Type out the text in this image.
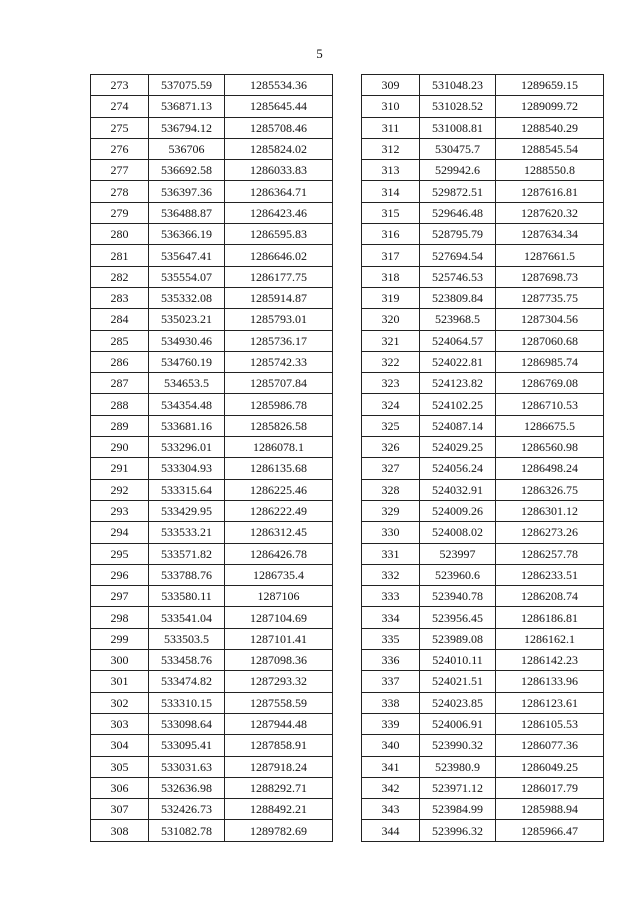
5
273	537075.59	1285534.36
274	536871.13	1285645.44
275	536794.12	1285708.46
276	536706	1285824.02
277	536692.58	1286033.83
278	536397.36	1286364.71
279	536488.87	1286423.46
280	536366.19	1286595.83
281	535647.41	1286646.02
282	535554.07	1286177.75
283	535332.08	1285914.87
284	535023.21	1285793.01
285	534930.46	1285736.17
286	534760.19	1285742.33
287	534653.5	1285707.84
288	534354.48	1285986.78
289	533681.16	1285826.58
290	533296.01	1286078.1
291	533304.93	1286135.68
292	533315.64	1286225.46
293	533429.95	1286222.49
294	533533.21	1286312.45
295	533571.82	1286426.78
296	533788.76	1286735.4
297	533580.11	1287106
298	533541.04	1287104.69
299	533503.5	1287101.41
300	533458.76	1287098.36
301	533474.82	1287293.32
302	533310.15	1287558.59
303	533098.64	1287944.48
304	533095.41	1287858.91
305	533031.63	1287918.24
306	532636.98	1288292.71
307	532426.73	1288492.21
308	531082.78	1289782.69
309	531048.23	1289659.15
310	531028.52	1289099.72
311	531008.81	1288540.29
312	530475.7	1288545.54
313	529942.6	1288550.8
314	529872.51	1287616.81
315	529646.48	1287620.32
316	528795.79	1287634.34
317	527694.54	1287661.5
318	525746.53	1287698.73
319	523809.84	1287735.75
320	523968.5	1287304.56
321	524064.57	1287060.68
322	524022.81	1286985.74
323	524123.82	1286769.08
324	524102.25	1286710.53
325	524087.14	1286675.5
326	524029.25	1286560.98
327	524056.24	1286498.24
328	524032.91	1286326.75
329	524009.26	1286301.12
330	524008.02	1286273.26
331	523997	1286257.78
332	523960.6	1286233.51
333	523940.78	1286208.74
334	523956.45	1286186.81
335	523989.08	1286162.1
336	524010.11	1286142.23
337	524021.51	1286133.96
338	524023.85	1286123.61
339	524006.91	1286105.53
340	523990.32	1286077.36
341	523980.9	1286049.25
342	523971.12	1286017.79
343	523984.99	1285988.94
344	523996.32	1285966.47
